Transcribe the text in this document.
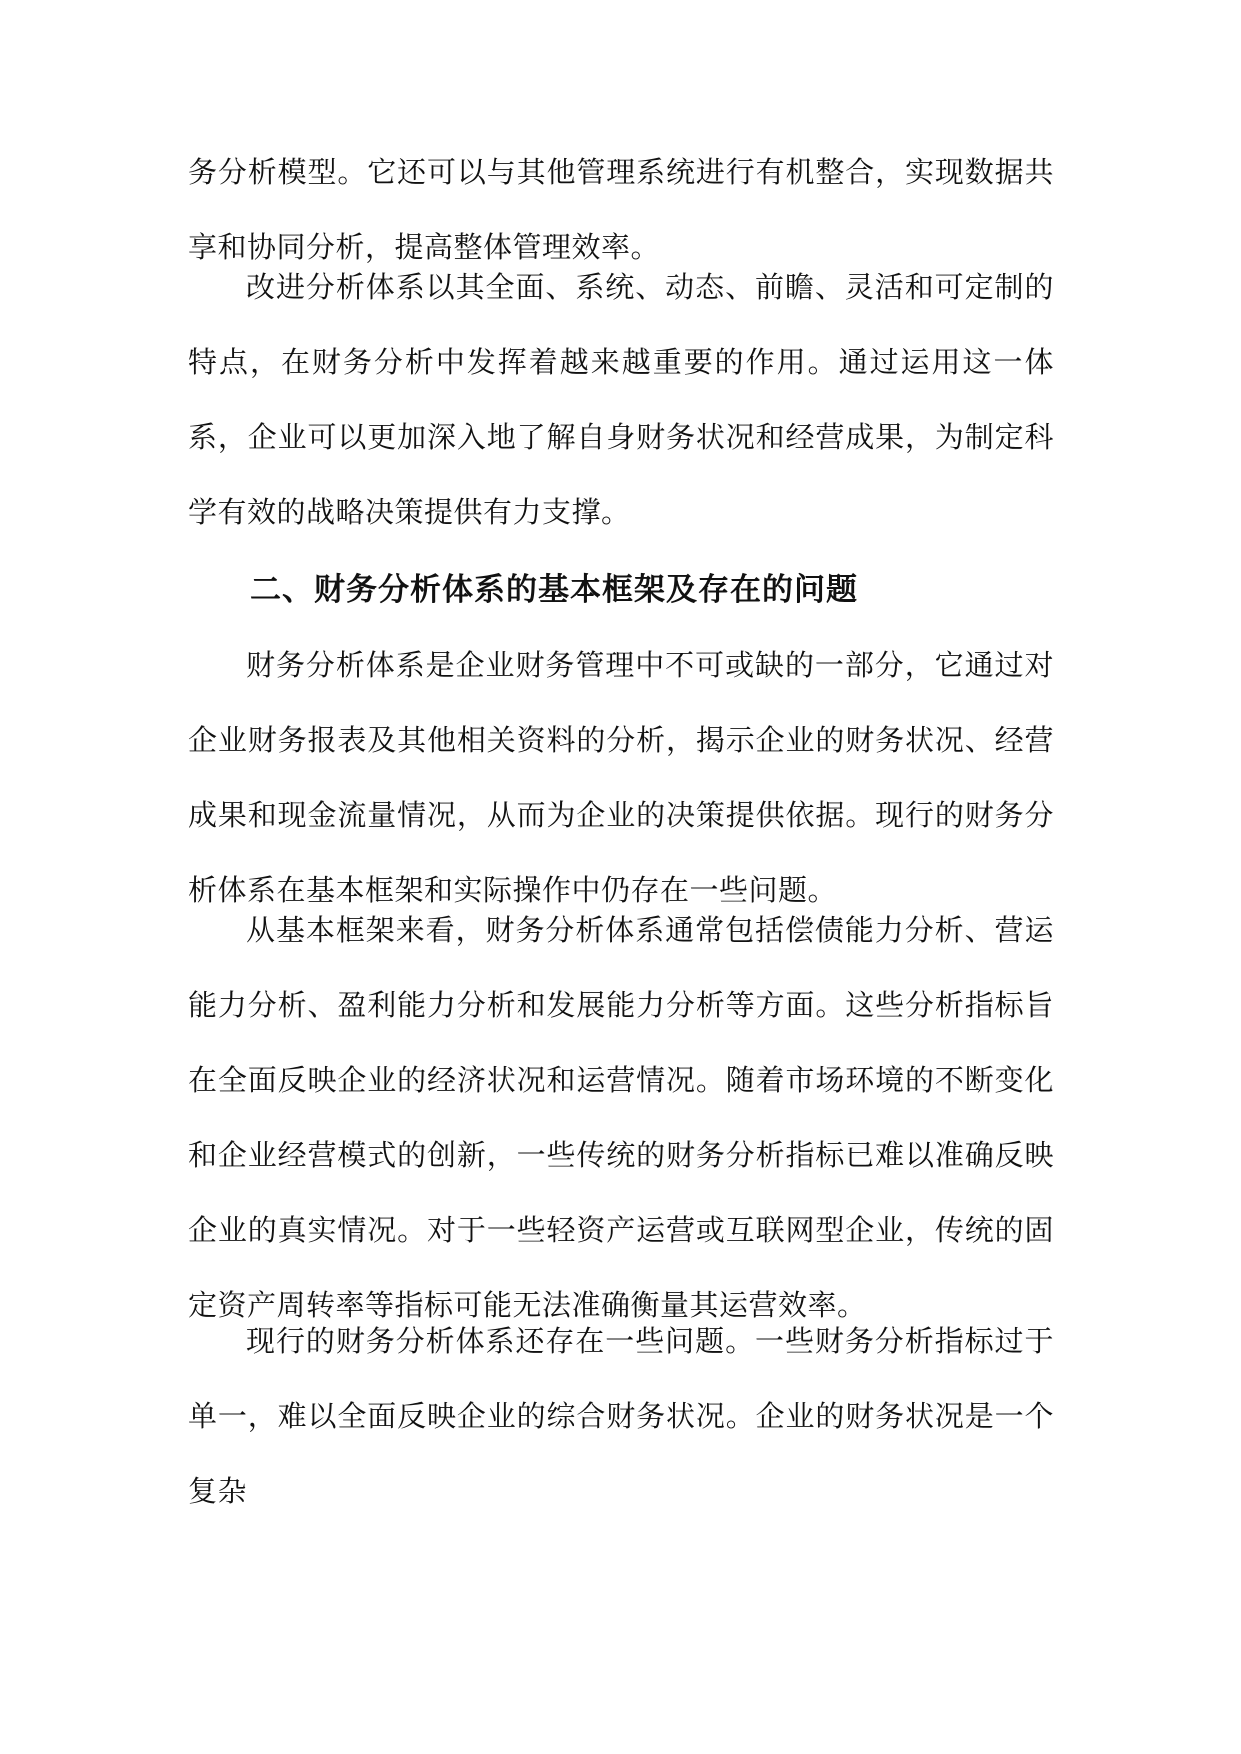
务分析模型。它还可以与其他管理系统进行有机整合，实现数据共享和协同分析，提高整体管理效率。

改进分析体系以其全面、系统、动态、前瞻、灵活和可定制的特点，在财务分析中发挥着越来越重要的作用。通过运用这一体系，企业可以更加深入地了解自身财务状况和经营成果，为制定科学有效的战略决策提供有力支撑。

二、财务分析体系的基本框架及存在的问题

财务分析体系是企业财务管理中不可或缺的一部分，它通过对企业财务报表及其他相关资料的分析，揭示企业的财务状况、经营成果和现金流量情况，从而为企业的决策提供依据。现行的财务分析体系在基本框架和实际操作中仍存在一些问题。

从基本框架来看，财务分析体系通常包括偿债能力分析、营运能力分析、盈利能力分析和发展能力分析等方面。这些分析指标旨在全面反映企业的经济状况和运营情况。随着市场环境的不断变化和企业经营模式的创新，一些传统的财务分析指标已难以准确反映企业的真实情况。对于一些轻资产运营或互联网型企业，传统的固定资产周转率等指标可能无法准确衡量其运营效率。

现行的财务分析体系还存在一些问题。一些财务分析指标过于单一，难以全面反映企业的综合财务状况。企业的财务状况是一个复杂
